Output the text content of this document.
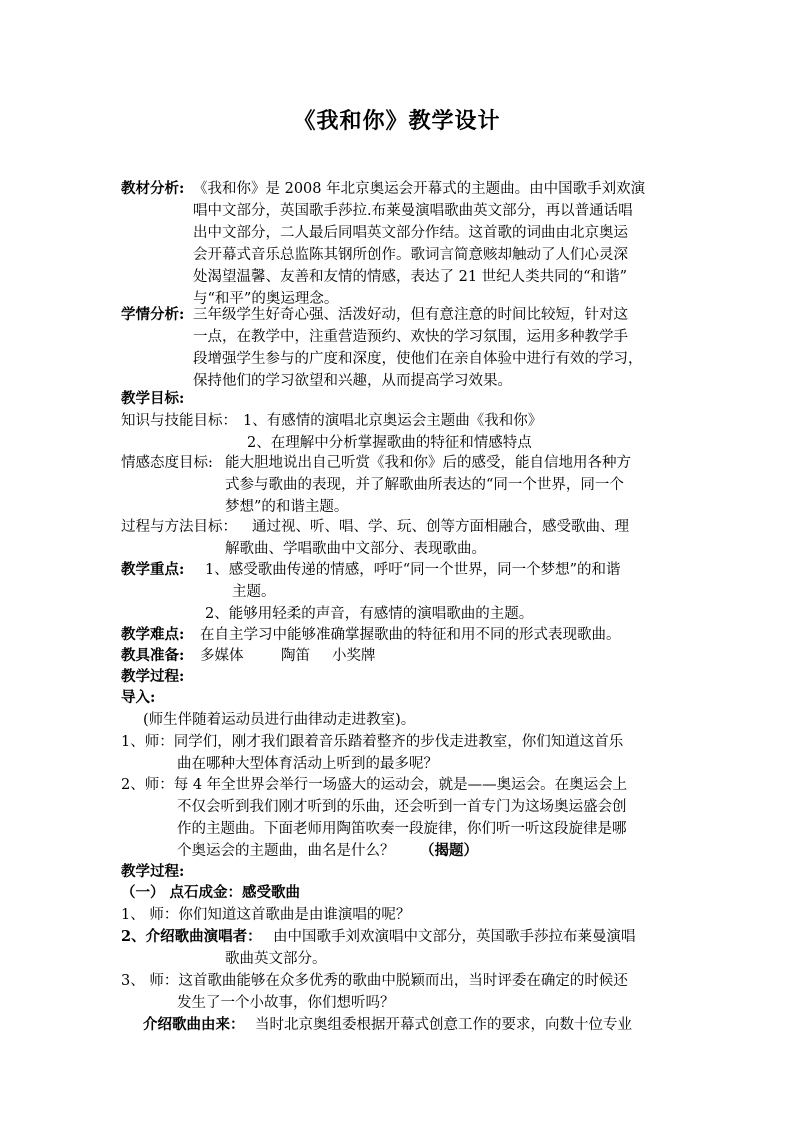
《我和你》教学设计
教材分析: 《我和你》是 2008 年北京奥运会开幕式的主题曲。由中国歌手刘欢演
唱中文部分，英国歌手莎拉.布莱曼演唱歌曲英文部分，再以普通话唱
出中文部分，二人最后同唱英文部分作结。这首歌的词曲由北京奥运
会开幕式音乐总监陈其钢所创作。歌词言简意赅却触动了人们心灵深
处渴望温馨、友善和友情的情感，表达了 21 世纪人类共同的“和谐”
与“和平”的奥运理念。
学情分析: 三年级学生好奇心强、活泼好动，但有意注意的时间比较短，针对这
一点，在教学中，注重营造预约、欢快的学习氛围，运用多种教学手
段增强学生参与的广度和深度，使他们在亲自体验中进行有效的学习，
保持他们的学习欲望和兴趣，从而提高学习效果。
教学目标:
知识与技能目标： 1、有感情的演唱北京奥运会主题曲《我和你》
2、在理解中分析掌握歌曲的特征和情感特点
情感态度目标: 能大胆地说出自己听赏《我和你》后的感受，能自信地用各种方
式参与歌曲的表现，并了解歌曲所表达的“同一个世界，同一个
梦想”的和谐主题。
过程与方法目标： 通过视、听、唱、学、玩、创等方面相融合，感受歌曲、理
解歌曲、学唱歌曲中文部分、表现歌曲。
教学重点: 1、感受歌曲传递的情感，呼吁“同一个世界，同一个梦想”的和谐
主题。
2、能够用轻柔的声音，有感情的演唱歌曲的主题。
教学难点: 在自主学习中能够准确掌握歌曲的特征和用不同的形式表现歌曲。
教具准备: 多媒体	陶笛 小奖牌
教学过程:
导入:
(师生伴随着运动员进行曲律动走进教室)。
1、师：同学们，刚才我们跟着音乐踏着整齐的步伐走进教室，你们知道这首乐
曲在哪种大型体育活动上听到的最多呢？
2、师：每 4 年全世界会举行一场盛大的运动会，就是——奥运会。在奥运会上
不仅会听到我们刚才听到的乐曲，还会听到一首专门为这场奥运盛会创
作的主题曲。下面老师用陶笛吹奏一段旋律，你们听一听这段旋律是哪
个奥运会的主题曲，曲名是什么？ （揭题）
教学过程:
（一） 点石成金：感受歌曲
1、 师：你们知道这首歌曲是由谁演唱的呢？
2、介绍歌曲演唱者： 由中国歌手刘欢演唱中文部分，英国歌手莎拉布莱曼演唱
歌曲英文部分。
3、 师：这首歌曲能够在众多优秀的歌曲中脱颖而出，当时评委在确定的时候还
发生了一个小故事，你们想听吗？
介绍歌曲由来： 当时北京奥组委根据开幕式创意工作的要求，向数十位专业
